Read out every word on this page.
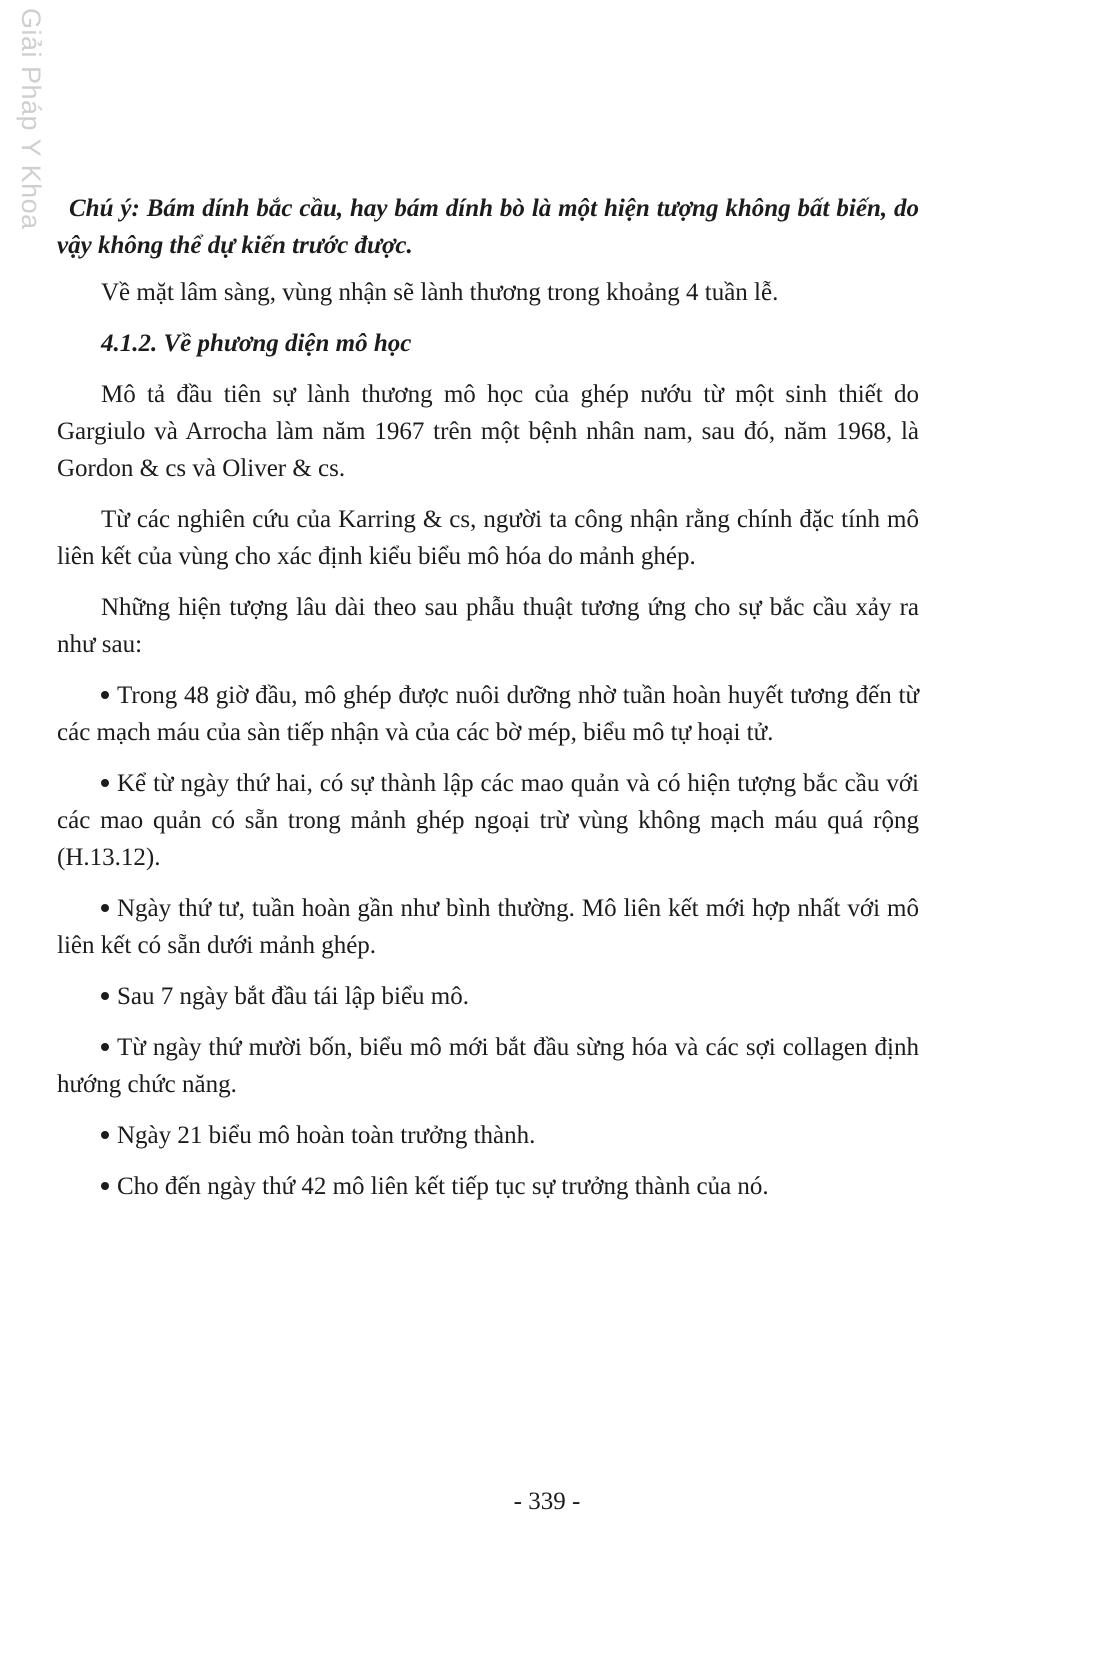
Giải Pháp Y Khoa Chú ý: Bám dính bắc cầu, hay bám dính bò là một hiện tượng không bất biến, do vậy không thể dự kiến trước được.

Về mặt lâm sàng, vùng nhận sẽ lành thương trong khoảng 4 tuần lễ.

4.1.2. Về phương diện mô học

Mô tả đầu tiên sự lành thương mô học của ghép nướu từ một sinh thiết do Gargiulo và Arrocha làm năm 1967 trên một bệnh nhân nam, sau đó, năm 1968, là Gordon & cs và Oliver & cs.

Từ các nghiên cứu của Karring & cs, người ta công nhận rằng chính đặc tính mô liên kết của vùng cho xác định kiểu biểu mô hóa do mảnh ghép.

Những hiện tượng lâu dài theo sau phẫu thuật tương ứng cho sự bắc cầu xảy ra như sau:

Trong 48 giờ đầu, mô ghép được nuôi dưỡng nhờ tuần hoàn huyết tương đến từ các mạch máu của sàn tiếp nhận và của các bờ mép, biểu mô tự hoại tử.

Kể từ ngày thứ hai, có sự thành lập các mao quản và có hiện tượng bắc cầu với các mao quản có sẵn trong mảnh ghép ngoại trừ vùng không mạch máu quá rộng (H.13.12).

Ngày thứ tư, tuần hoàn gần như bình thường. Mô liên kết mới hợp nhất với mô liên kết có sẵn dưới mảnh ghép.

Sau 7 ngày bắt đầu tái lập biểu mô.

Từ ngày thứ mười bốn, biểu mô mới bắt đầu sừng hóa và các sợi collagen định hướng chức năng.

Ngày 21 biểu mô hoàn toàn trưởng thành.

Cho đến ngày thứ 42 mô liên kết tiếp tục sự trưởng thành của nó.

- 339 -
